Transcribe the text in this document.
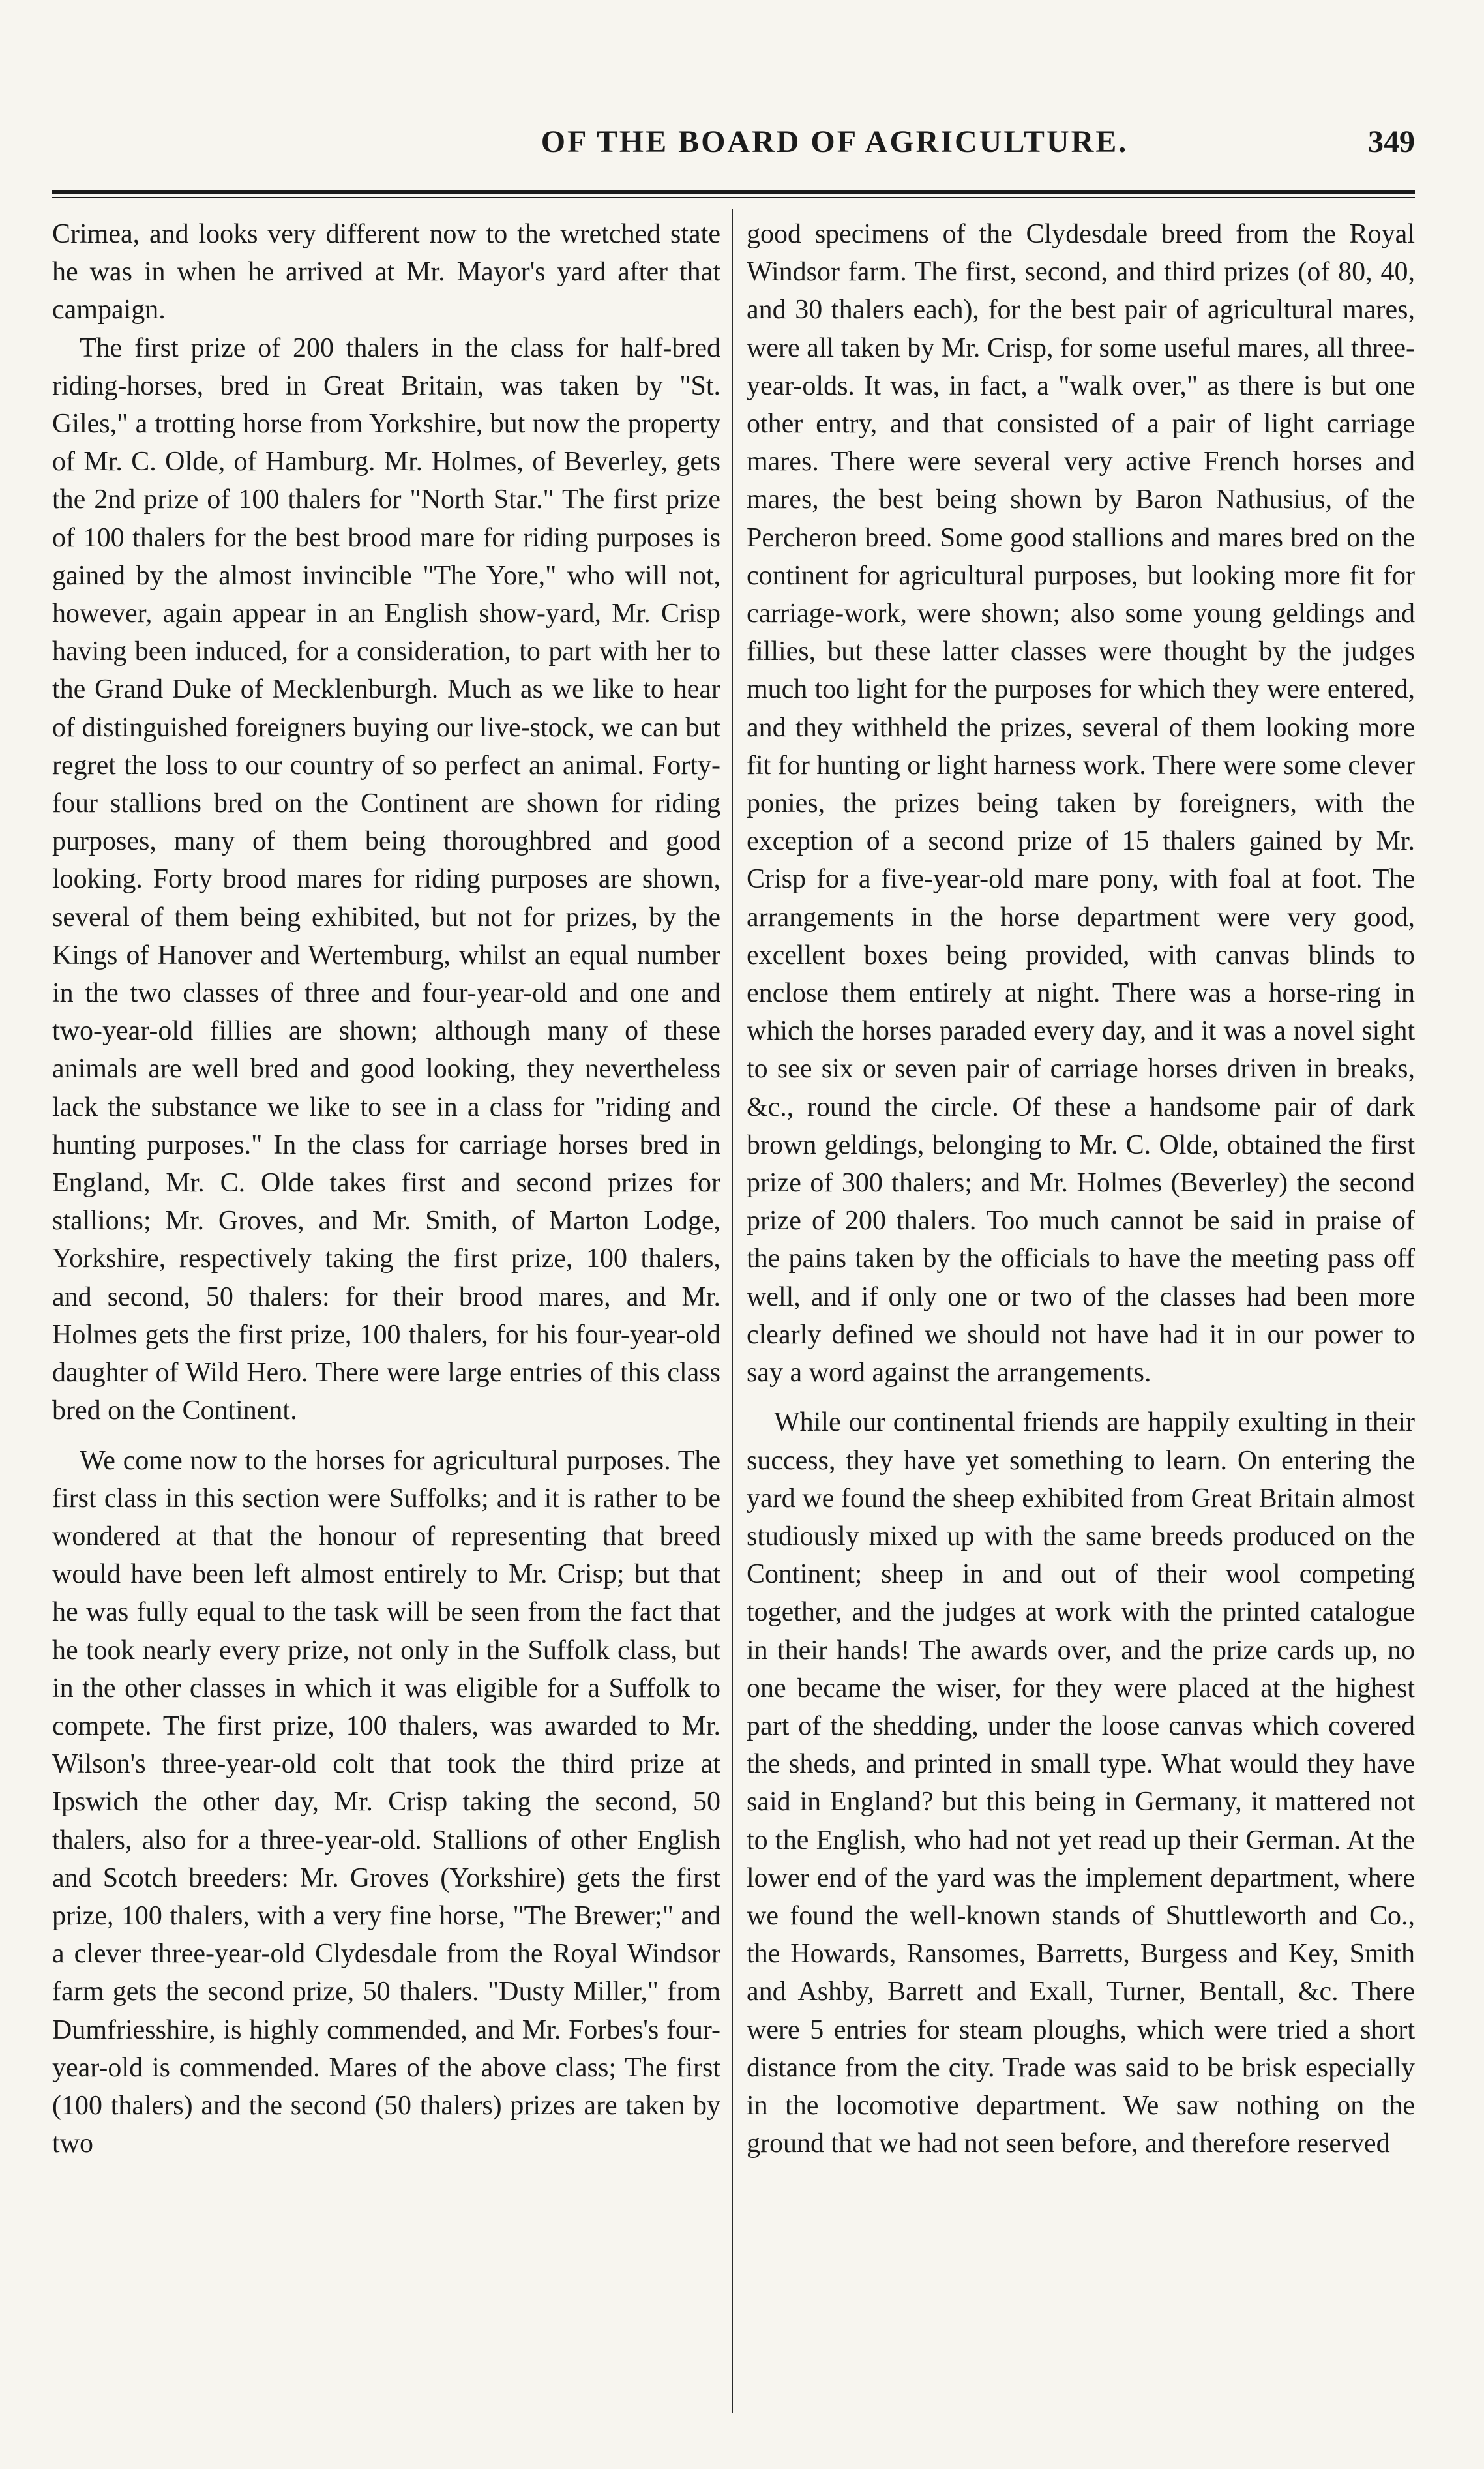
OF THE BOARD OF AGRICULTURE.	349

Crimea, and looks very different now to the wretched state he was in when he arrived at Mr. Mayor's yard after that campaign.

The first prize of 200 thalers in the class for half-bred riding-horses, bred in Great Britain, was taken by "St. Giles," a trotting horse from Yorkshire, but now the property of Mr. C. Olde, of Hamburg. Mr. Holmes, of Beverley, gets the 2nd prize of 100 thalers for "North Star." The first prize of 100 thalers for the best brood mare for riding purposes is gained by the almost invincible "The Yore," who will not, however, again appear in an English show-yard, Mr. Crisp having been induced, for a consideration, to part with her to the Grand Duke of Mecklenburgh. Much as we like to hear of distinguished foreigners buying our live-stock, we can but regret the loss to our country of so perfect an animal. Forty-four stallions bred on the Continent are shown for riding purposes, many of them being thoroughbred and good looking. Forty brood mares for riding purposes are shown, several of them being exhibited, but not for prizes, by the Kings of Hanover and Wertemburg, whilst an equal number in the two classes of three and four-year-old and one and two-year-old fillies are shown; although many of these animals are well bred and good looking, they nevertheless lack the substance we like to see in a class for "riding and hunting purposes." In the class for carriage horses bred in England, Mr. C. Olde takes first and second prizes for stallions; Mr. Groves, and Mr. Smith, of Marton Lodge, Yorkshire, respectively taking the first prize, 100 thalers, and second, 50 thalers: for their brood mares, and Mr. Holmes gets the first prize, 100 thalers, for his four-year-old daughter of Wild Hero. There were large entries of this class bred on the Continent.

We come now to the horses for agricultural purposes. The first class in this section were Suffolks; and it is rather to be wondered at that the honour of representing that breed would have been left almost entirely to Mr. Crisp; but that he was fully equal to the task will be seen from the fact that he took nearly every prize, not only in the Suffolk class, but in the other classes in which it was eligible for a Suffolk to compete. The first prize, 100 thalers, was awarded to Mr. Wilson's three-year-old colt that took the third prize at Ipswich the other day, Mr. Crisp taking the second, 50 thalers, also for a three-year-old. Stallions of other English and Scotch breeders: Mr. Groves (Yorkshire) gets the first prize, 100 thalers, with a very fine horse, "The Brewer;" and a clever three-year-old Clydesdale from the Royal Windsor farm gets the second prize, 50 thalers. "Dusty Miller," from Dumfriesshire, is highly commended, and Mr. Forbes's four-year-old is commended. Mares of the above class; The first (100 thalers) and the second (50 thalers) prizes are taken by two

good specimens of the Clydesdale breed from the Royal Windsor farm. The first, second, and third prizes (of 80, 40, and 30 thalers each), for the best pair of agricultural mares, were all taken by Mr. Crisp, for some useful mares, all three-year-olds. It was, in fact, a "walk over," as there is but one other entry, and that consisted of a pair of light carriage mares. There were several very active French horses and mares, the best being shown by Baron Nathusius, of the Percheron breed. Some good stallions and mares bred on the continent for agricultural purposes, but looking more fit for carriage-work, were shown; also some young geldings and fillies, but these latter classes were thought by the judges much too light for the purposes for which they were entered, and they withheld the prizes, several of them looking more fit for hunting or light harness work. There were some clever ponies, the prizes being taken by foreigners, with the exception of a second prize of 15 thalers gained by Mr. Crisp for a five-year-old mare pony, with foal at foot. The arrangements in the horse department were very good, excellent boxes being provided, with canvas blinds to enclose them entirely at night. There was a horse-ring in which the horses paraded every day, and it was a novel sight to see six or seven pair of carriage horses driven in breaks, &c., round the circle. Of these a handsome pair of dark brown geldings, belonging to Mr. C. Olde, obtained the first prize of 300 thalers; and Mr. Holmes (Beverley) the second prize of 200 thalers. Too much cannot be said in praise of the pains taken by the officials to have the meeting pass off well, and if only one or two of the classes had been more clearly defined we should not have had it in our power to say a word against the arrangements.

While our continental friends are happily exulting in their success, they have yet something to learn. On entering the yard we found the sheep exhibited from Great Britain almost studiously mixed up with the same breeds produced on the Continent; sheep in and out of their wool competing together, and the judges at work with the printed catalogue in their hands! The awards over, and the prize cards up, no one became the wiser, for they were placed at the highest part of the shedding, under the loose canvas which covered the sheds, and printed in small type. What would they have said in England? but this being in Germany, it mattered not to the English, who had not yet read up their German. At the lower end of the yard was the implement department, where we found the well-known stands of Shuttleworth and Co., the Howards, Ransomes, Barretts, Burgess and Key, Smith and Ashby, Barrett and Exall, Turner, Bentall, &c. There were 5 entries for steam ploughs, which were tried a short distance from the city. Trade was said to be brisk especially in the locomotive department. We saw nothing on the ground that we had not seen before, and therefore reserved
